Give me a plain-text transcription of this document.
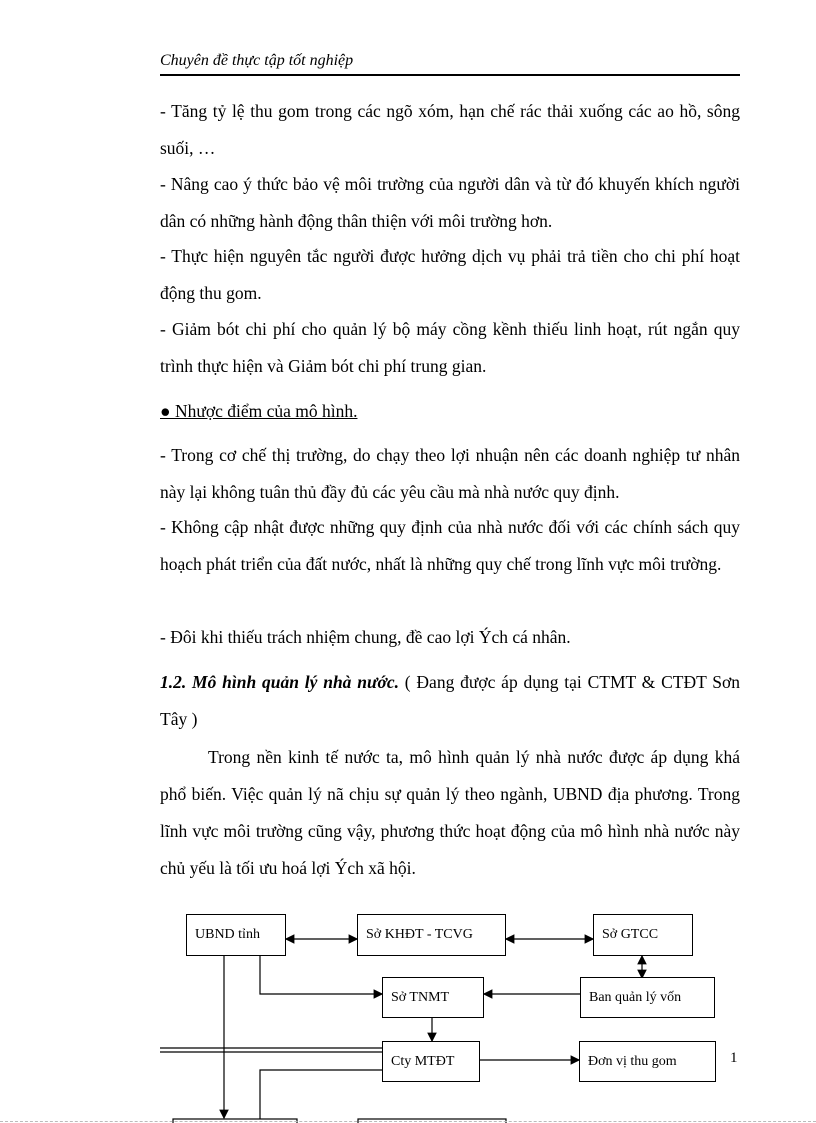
Chuyên đề thực tập tốt nghiệp

- Tăng tỷ lệ thu gom trong các ngõ xóm, hạn chế rác thải xuống các ao hồ, sông suối, …

- Nâng cao ý thức bảo vệ môi trường của người dân và từ đó khuyến khích người dân có những hành động thân thiện với môi trường hơn.

- Thực hiện nguyên tắc người được hưởng dịch vụ phải trả tiền cho chi phí hoạt động thu gom.

- Giảm bót chi phí cho quản lý bộ máy cồng kềnh thiếu linh hoạt, rút ngắn quy trình thực hiện và Giảm bót chi phí trung gian.

● Nhược điểm của mô hình.

- Trong cơ chế thị trường, do chạy theo lợi nhuận nên các doanh nghiệp tư nhân này lại không tuân thủ đầy đủ các yêu cầu mà nhà nước quy định.

- Không cập nhật được những quy định của nhà nước đối với các chính sách quy hoạch phát triển của đất nước, nhất là những quy chế trong lĩnh vực môi trường.

- Đôi khi thiếu trách nhiệm chung, đề cao lợi Ých cá nhân.

1.2. Mô hình quản lý nhà nước. ( Đang được áp dụng tại CTMT & CTĐT Sơn Tây )

Trong nền kinh tế nước ta, mô hình quản lý nhà nước được áp dụng khá phổ biến. Việc quản lý nã chịu sự quản lý theo ngành, UBND địa phương. Trong lĩnh vực môi trường cũng vậy, phương thức hoạt động của mô hình nhà nước này chủ yếu là tối ưu hoá lợi Ých xã hội.

UBND tỉnh	Sở KHĐT - TCVG	Sở GTCC
Sở TNMT	Ban quản lý vốn
Cty MTĐT	Đơn vị thu gom	1
